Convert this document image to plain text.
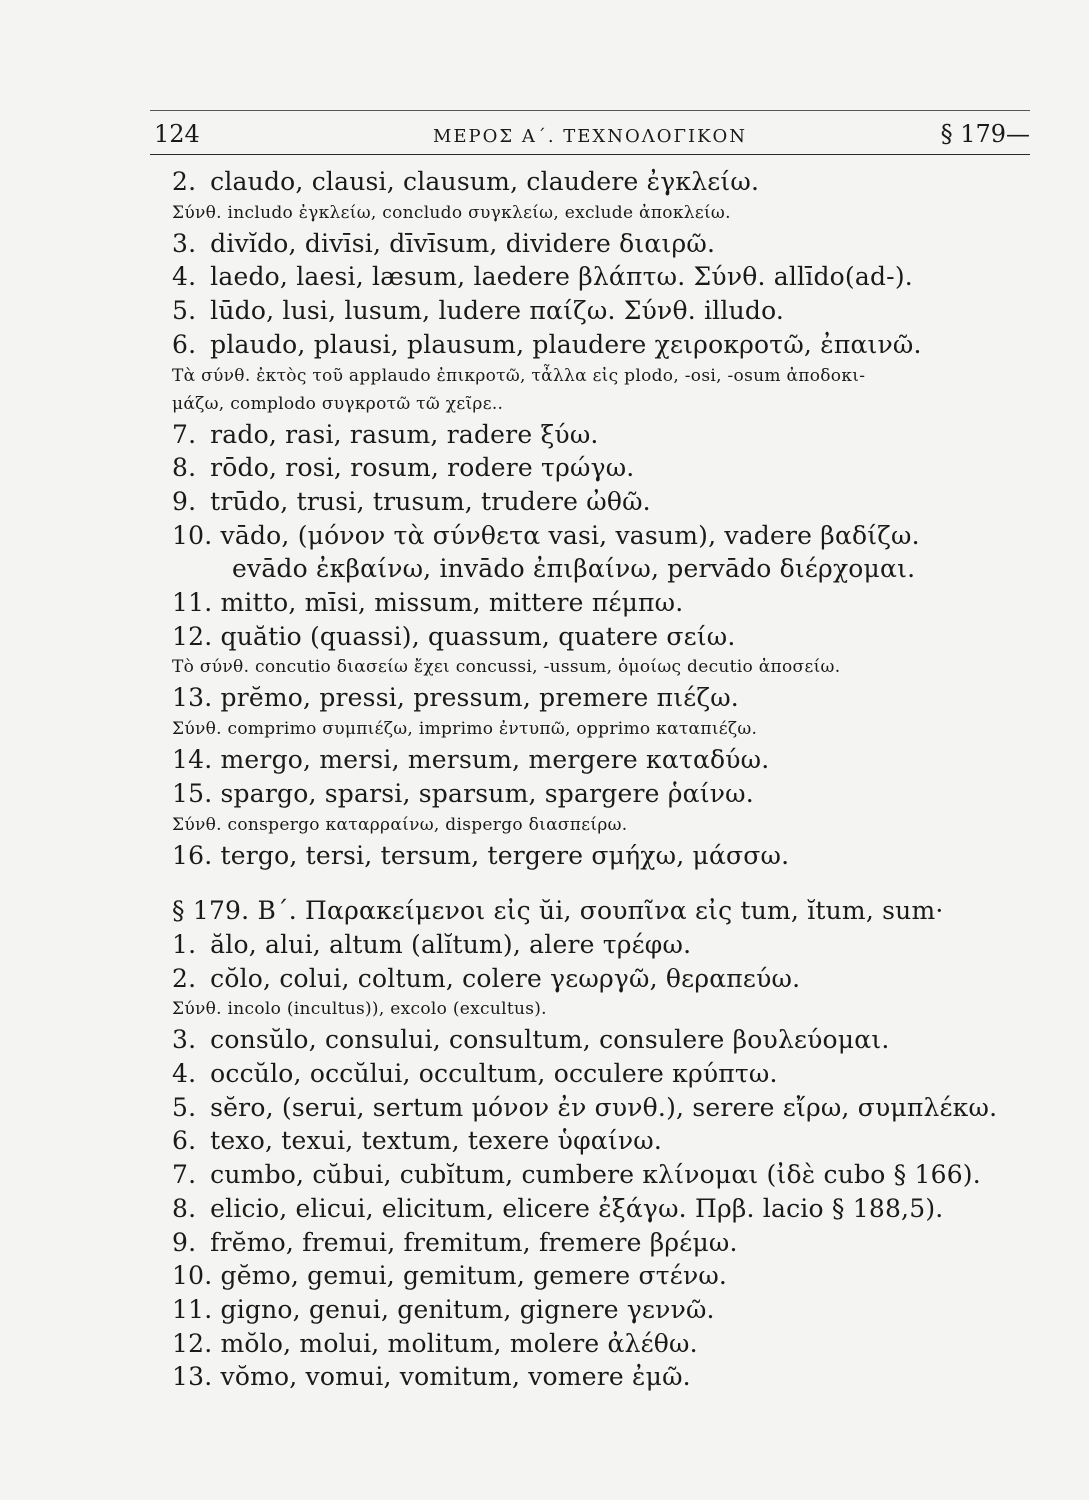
124	ΜΕΡΟΣ Α΄. ΤΕΧΝΟΛΟΓΙΚΟΝ	§ 179—
2. claudo, clausi, clausum, claudere ἐγκλείω.
Σύνθ. includo ἐγκλείω, concludo συγκλείω, exclude ἀποκλείω.
3. divĭdo, divīsi, dīvīsum, dividere διαιρῶ.
4. laedo, laesi, læsum, laedere βλάπτω. Σύνθ. allīdo(ad-).
5. lūdo, lusi, lusum, ludere παίζω. Σύνθ. illudo.
6. plaudo, plausi, plausum, plaudere χειροκροτῶ, ἐπαινῶ.
Τὰ σύνθ. ἐκτὸς τοῦ applaudo ἐπικροτῶ, τἆλλα εἰς plodo, -osi, -osum ἀποδοκι-
μάζω, complodo συγκροτῶ τῶ χεῖρε..
7. rado, rasi, rasum, radere ξύω.
8. rōdo, rosi, rosum, rodere τρώγω.
9. trūdo, trusi, trusum, trudere ὠθῶ.
10. vādo, (μόνον τὰ σύνθετα vasi, vasum), vadere βαδίζω.
evādo ἐκβαίνω, invādo ἐπιβαίνω, pervādo διέρχομαι.
11. mitto, mīsi, missum, mittere πέμπω.
12. quătio (quassi), quassum, quatere σείω.
Τὸ σύνθ. concutio διασείω ἔχει concussi, -ussum, ὁμοίως decutio ἀποσείω.
13. prĕmo, pressi, pressum, premere πιέζω.
Σύνθ. comprimo συμπιέζω, imprimo ἐντυπῶ, opprimo καταπιέζω.
14. mergo, mersi, mersum, mergere καταδύω.
15. spargo, sparsi, sparsum, spargere ῥαίνω.
Σύνθ. conspergo καταρραίνω, dispergo διασπείρω.
16. tergo, tersi, tersum, tergere σμήχω, μάσσω.
§ 179. Β΄. Παρακείμενοι εἰς ŭi, σουπῖνα εἰς tum, ĭtum, sum·
1. ălo, alui, altum (alĭtum), alere τρέφω.
2. cŏlo, colui, coltum, colere γεωργῶ, θεραπεύω.
Σύνθ. incolo (incultus)), excolo (excultus).
3. consŭlo, consului, consultum, consulere βουλεύομαι.
4. occŭlo, occŭlui, occultum, occulere κρύπτω.
5. sĕro, (serui, sertum μόνον ἐν συνθ.), serere εἴρω, συμπλέκω.
6. texo, texui, textum, texere ὑφαίνω.
7. cumbo, cŭbui, cubĭtum, cumbere κλίνομαι (ἰδὲ cubo § 166).
8. elicio, elicui, elicitum, elicere ἐξάγω. Πρβ. lacio § 188,5).
9. frĕmo, fremui, fremitum, fremere βρέμω.
10. gĕmo, gemui, gemitum, gemere στένω.
11. gigno, genui, genitum, gignere γεννῶ.
12. mŏlo, molui, molitum, molere ἀλέθω.
13. vŏmo, vomui, vomitum, vomere ἐμῶ.
